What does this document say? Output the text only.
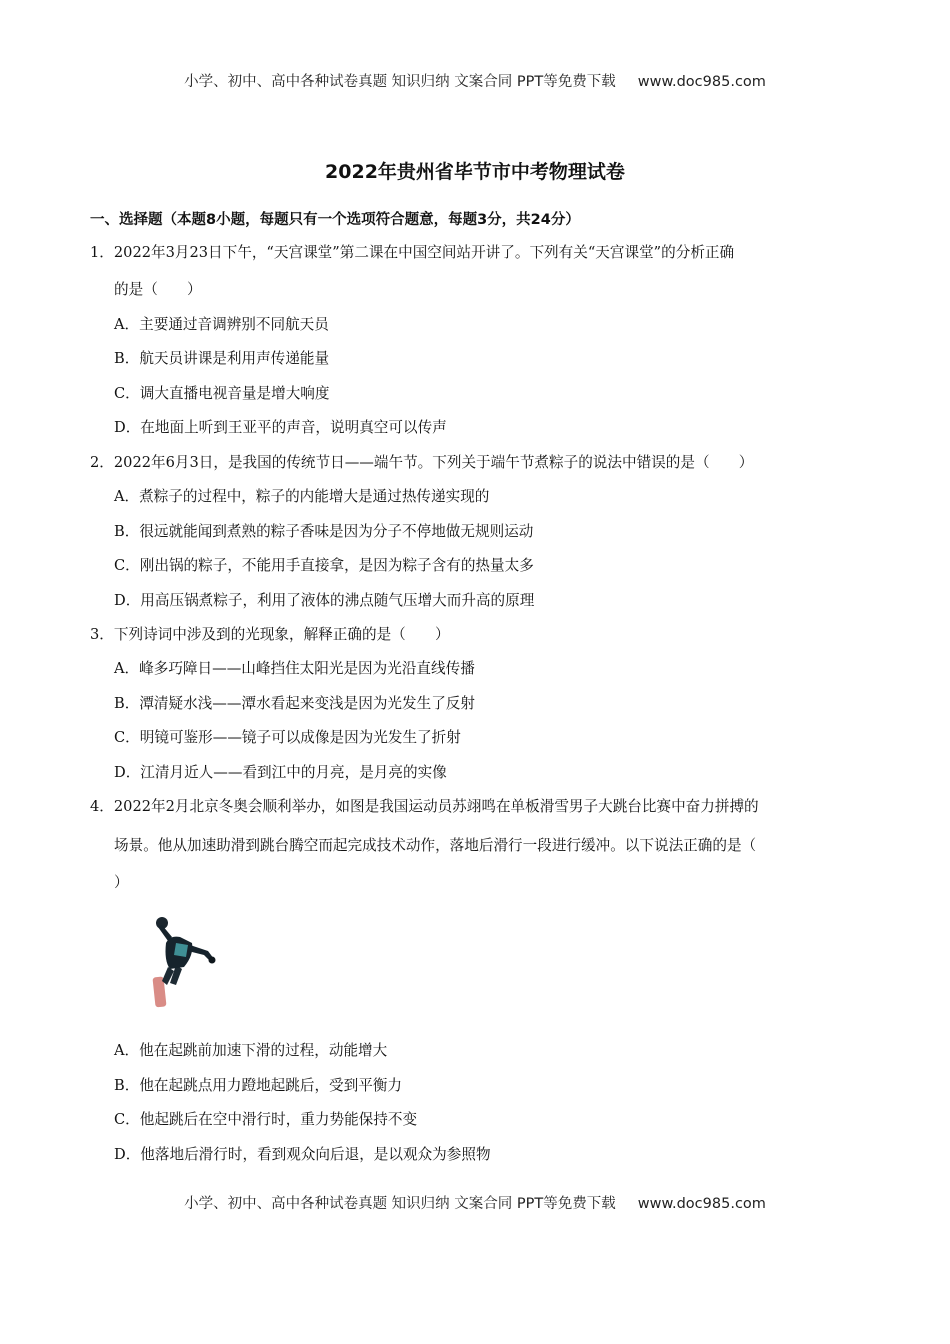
小学、初中、高中各种试卷真题 知识归纳 文案合同 PPT等免费下载 www.doc985.com
2022年贵州省毕节市中考物理试卷
一、选择题（本题8小题，每题只有一个选项符合题意，每题3分，共24分）
1．2022年3月23日下午，“天宫课堂”第二课在中国空间站开讲了。下列有关“天宫课堂”的分析正确
的是（　　）
A．主要通过音调辨别不同航天员
B．航天员讲课是利用声传递能量
C．调大直播电视音量是增大响度
D．在地面上听到王亚平的声音，说明真空可以传声
2．2022年6月3日，是我国的传统节日——端午节。下列关于端午节煮粽子的说法中错误的是（　　）
A．煮粽子的过程中，粽子的内能增大是通过热传递实现的
B．很远就能闻到煮熟的粽子香味是因为分子不停地做无规则运动
C．刚出锅的粽子，不能用手直接拿，是因为粽子含有的热量太多
D．用高压锅煮粽子，利用了液体的沸点随气压增大而升高的原理
3．下列诗词中涉及到的光现象，解释正确的是（　　）
A．峰多巧障日——山峰挡住太阳光是因为光沿直线传播
B．潭清疑水浅——潭水看起来变浅是因为光发生了反射
C．明镜可鉴形——镜子可以成像是因为光发生了折射
D．江清月近人——看到江中的月亮，是月亮的实像
4．2022年2月北京冬奥会顺利举办，如图是我国运动员苏翊鸣在单板滑雪男子大跳台比赛中奋力拼搏的
场景。他从加速助滑到跳台腾空而起完成技术动作，落地后滑行一段进行缓冲。以下说法正确的是（
）
A．他在起跳前加速下滑的过程，动能增大
B．他在起跳点用力蹬地起跳后，受到平衡力
C．他起跳后在空中滑行时，重力势能保持不变
D．他落地后滑行时，看到观众向后退，是以观众为参照物
小学、初中、高中各种试卷真题 知识归纳 文案合同 PPT等免费下载 www.doc985.com
